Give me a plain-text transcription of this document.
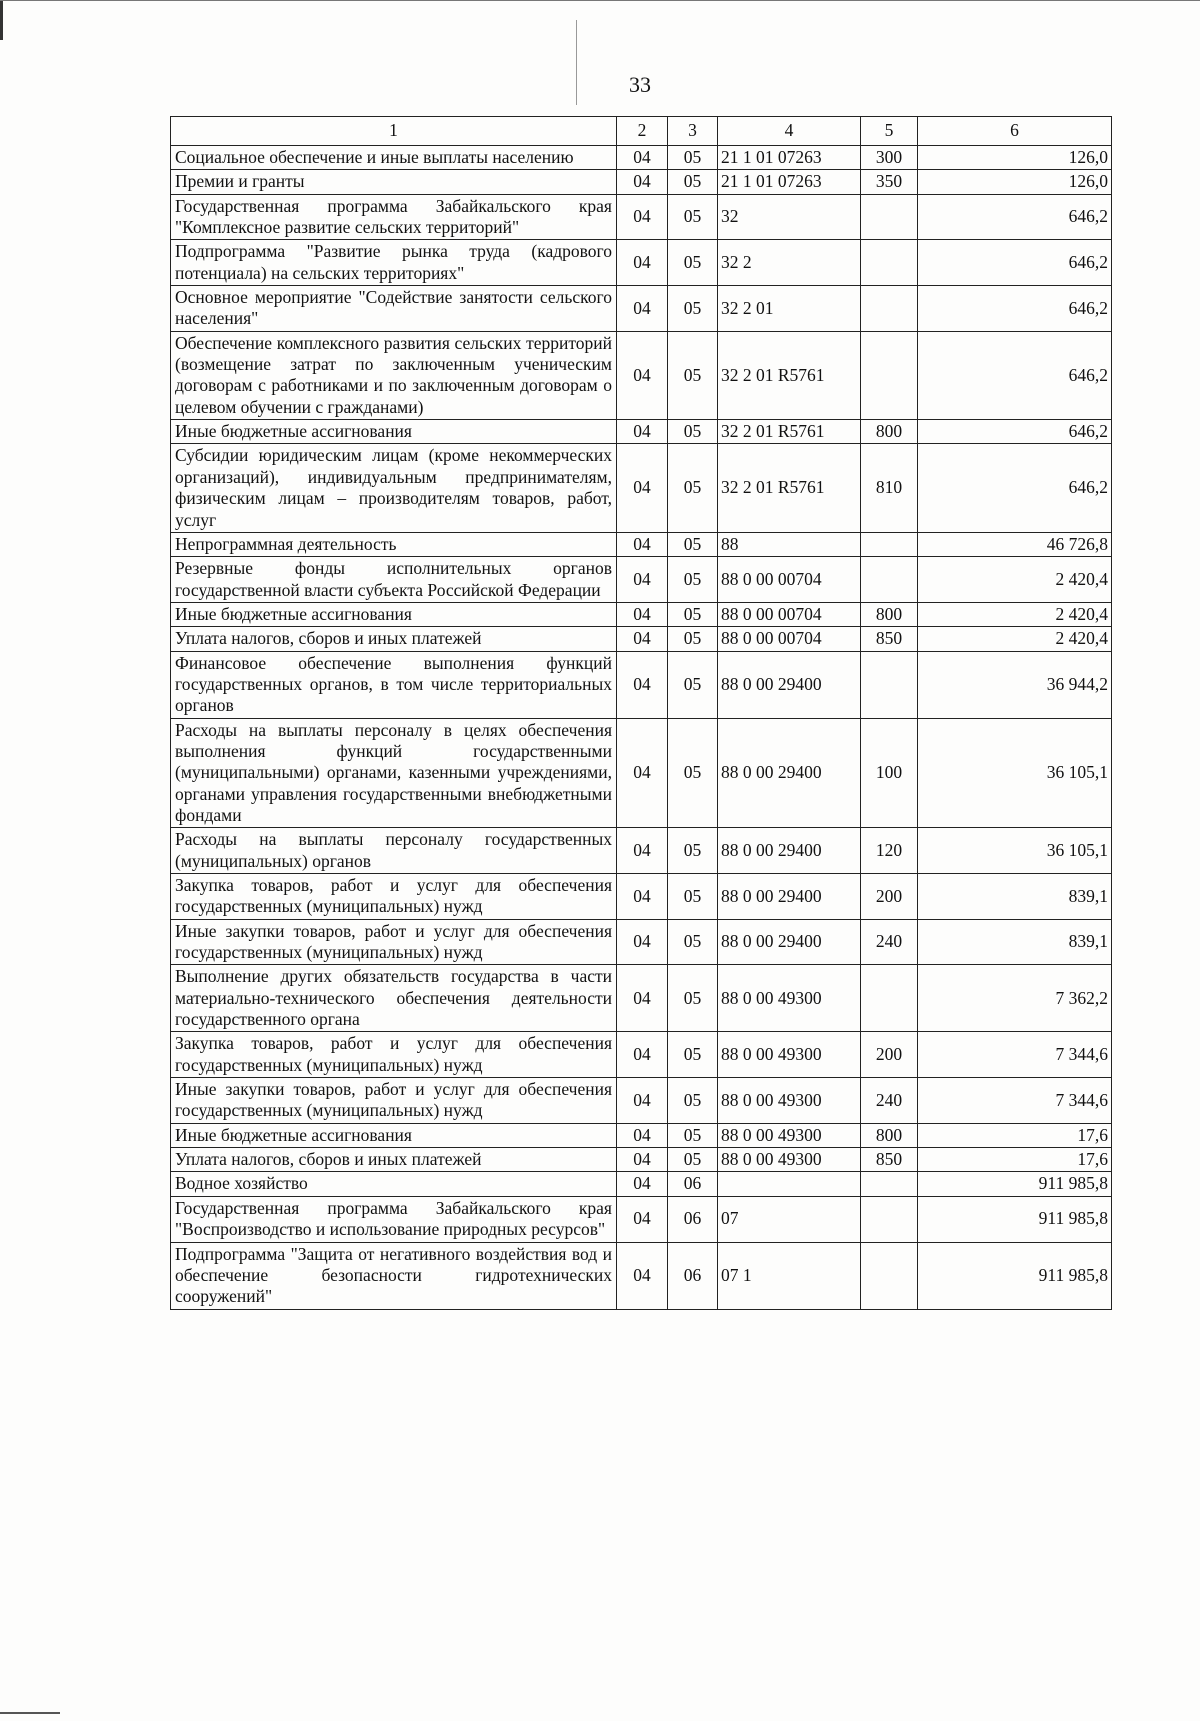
33
1	2	3	4	5	6
Социальное обеспечение и иные выплаты населению	04	05	21 1 01 07263	300	126,0
Премии и гранты	04	05	21 1 01 07263	350	126,0
Государственная программа Забайкальского края "Комплексное развитие сельских территорий"	04	05	32		646,2
Подпрограмма "Развитие рынка труда (кадрового потенциала) на сельских территориях"	04	05	32 2		646,2
Основное мероприятие "Содействие занятости сельского населения"	04	05	32 2 01		646,2
Обеспечение комплексного развития сельских территорий (возмещение затрат по заключенным ученическим договорам с работниками и по заключенным договорам о целевом обучении с гражданами)	04	05	32 2 01 R5761		646,2
Иные бюджетные ассигнования	04	05	32 2 01 R5761	800	646,2
Субсидии юридическим лицам (кроме некоммерческих организаций), индивидуальным предпринимателям, физическим лицам – производителям товаров, работ, услуг	04	05	32 2 01 R5761	810	646,2
Непрограммная деятельность	04	05	88		46 726,8
Резервные фонды исполнительных органов государственной власти субъекта Российской Федерации	04	05	88 0 00 00704		2 420,4
Иные бюджетные ассигнования	04	05	88 0 00 00704	800	2 420,4
Уплата налогов, сборов и иных платежей	04	05	88 0 00 00704	850	2 420,4
Финансовое обеспечение выполнения функций государственных органов, в том числе территориальных органов	04	05	88 0 00 29400		36 944,2
Расходы на выплаты персоналу в целях обеспечения выполнения функций государственными (муниципальными) органами, казенными учреждениями, органами управления государственными внебюджетными фондами	04	05	88 0 00 29400	100	36 105,1
Расходы на выплаты персоналу государственных (муниципальных) органов	04	05	88 0 00 29400	120	36 105,1
Закупка товаров, работ и услуг для обеспечения государственных (муниципальных) нужд	04	05	88 0 00 29400	200	839,1
Иные закупки товаров, работ и услуг для обеспечения государственных (муниципальных) нужд	04	05	88 0 00 29400	240	839,1
Выполнение других обязательств государства в части материально-технического обеспечения деятельности государственного органа	04	05	88 0 00 49300		7 362,2
Закупка товаров, работ и услуг для обеспечения государственных (муниципальных) нужд	04	05	88 0 00 49300	200	7 344,6
Иные закупки товаров, работ и услуг для обеспечения государственных (муниципальных) нужд	04	05	88 0 00 49300	240	7 344,6
Иные бюджетные ассигнования	04	05	88 0 00 49300	800	17,6
Уплата налогов, сборов и иных платежей	04	05	88 0 00 49300	850	17,6
Водное хозяйство	04	06			911 985,8
Государственная программа Забайкальского края "Воспроизводство и использование природных ресурсов"	04	06	07		911 985,8
Подпрограмма "Защита от негативного воздействия вод и обеспечение безопасности гидротехнических сооружений"	04	06	07 1		911 985,8
